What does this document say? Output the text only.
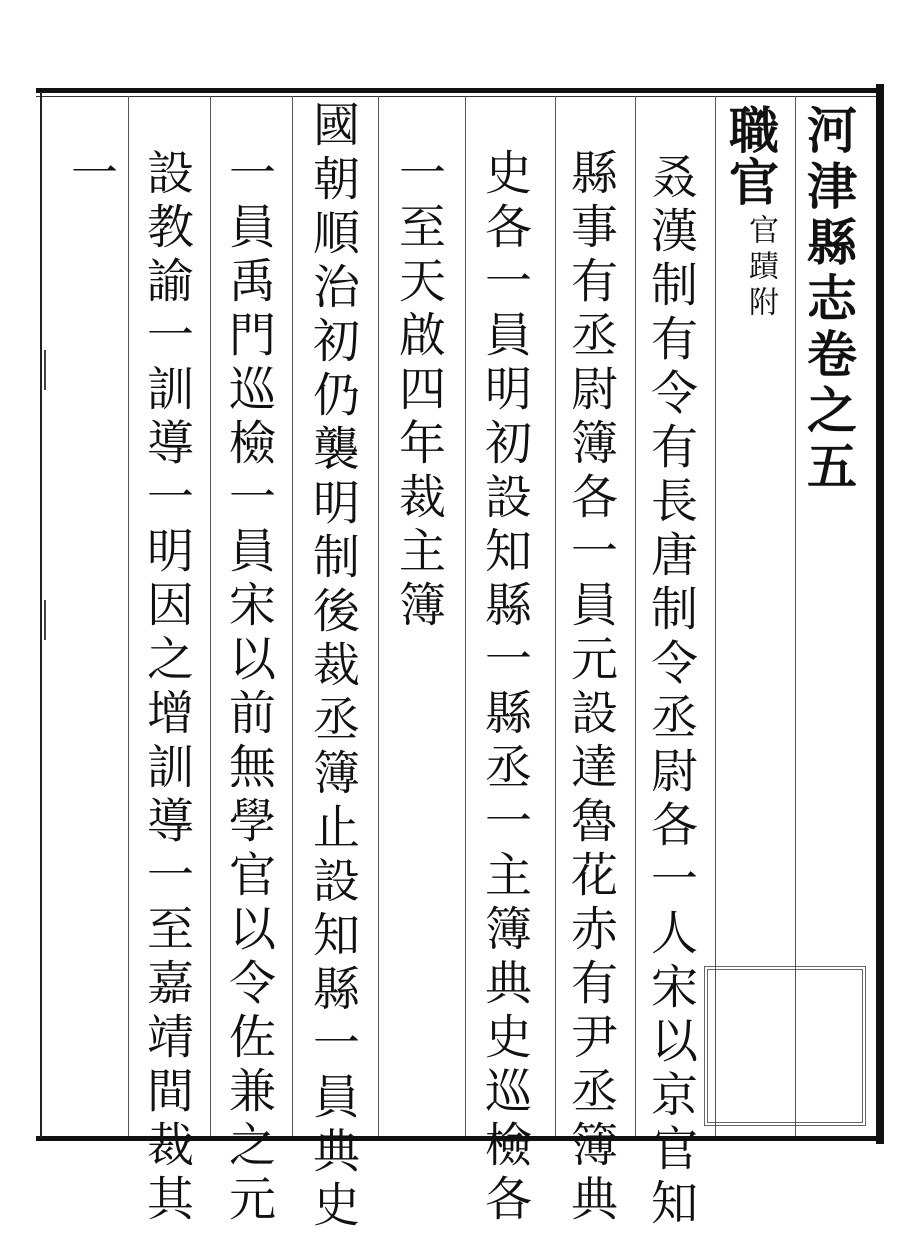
河津縣志卷之五
職官
官蹟附
叒漢制有令有長唐制令丞尉各一人宋以京官知
縣事有丞尉簿各一員元設達魯花赤有尹丞簿典
史各一員明初設知縣一縣丞一主簿典史巡檢各
一至天啟四年裁主簿
國朝順治初仍襲明制後裁丞簿止設知縣一員典史
一員禹門巡檢一員宋以前無學官以令佐兼之元
設教諭一訓導一明因之增訓導一至嘉靖間裁其
一
